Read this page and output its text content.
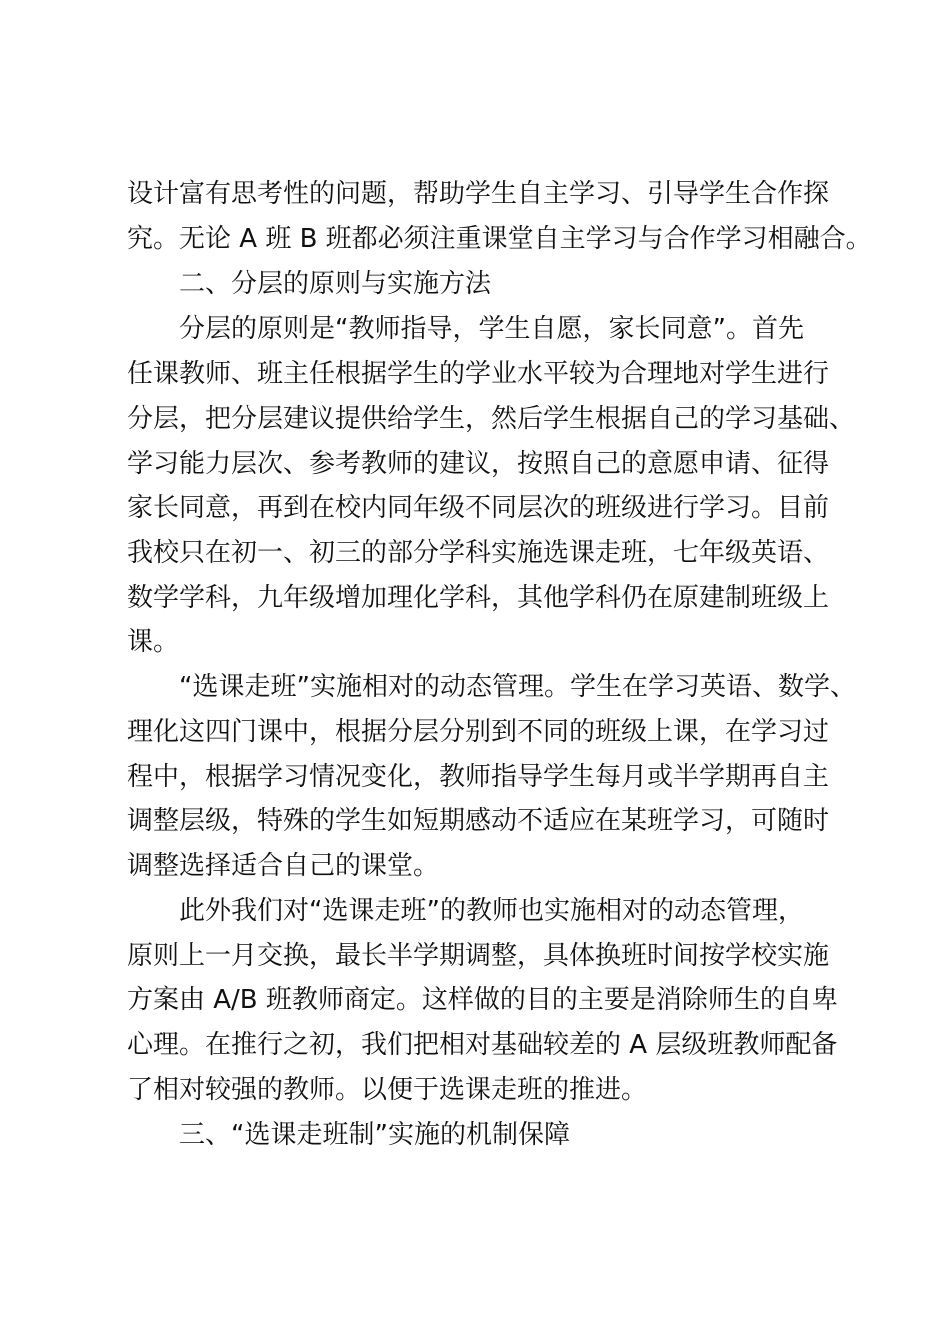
设计富有思考性的问题，帮助学生自主学习、引导学生合作探
究。无论 A 班 B 班都必须注重课堂自主学习与合作学习相融合。
二、分层的原则与实施方法
分层的原则是“教师指导，学生自愿，家长同意”。首先
任课教师、班主任根据学生的学业水平较为合理地对学生进行
分层，把分层建议提供给学生，然后学生根据自己的学习基础、
学习能力层次、参考教师的建议，按照自己的意愿申请、征得
家长同意，再到在校内同年级不同层次的班级进行学习。目前
我校只在初一、初三的部分学科实施选课走班，七年级英语、
数学学科，九年级增加理化学科，其他学科仍在原建制班级上
课。
“选课走班”实施相对的动态管理。学生在学习英语、数学、
理化这四门课中，根据分层分别到不同的班级上课，在学习过
程中，根据学习情况变化，教师指导学生每月或半学期再自主
调整层级，特殊的学生如短期感动不适应在某班学习，可随时
调整选择适合自己的课堂。
此外我们对“选课走班”的教师也实施相对的动态管理，
原则上一月交换，最长半学期调整，具体换班时间按学校实施
方案由 A/B 班教师商定。这样做的目的主要是消除师生的自卑
心理。在推行之初，我们把相对基础较差的 A 层级班教师配备
了相对较强的教师。以便于选课走班的推进。
三、“选课走班制”实施的机制保障
